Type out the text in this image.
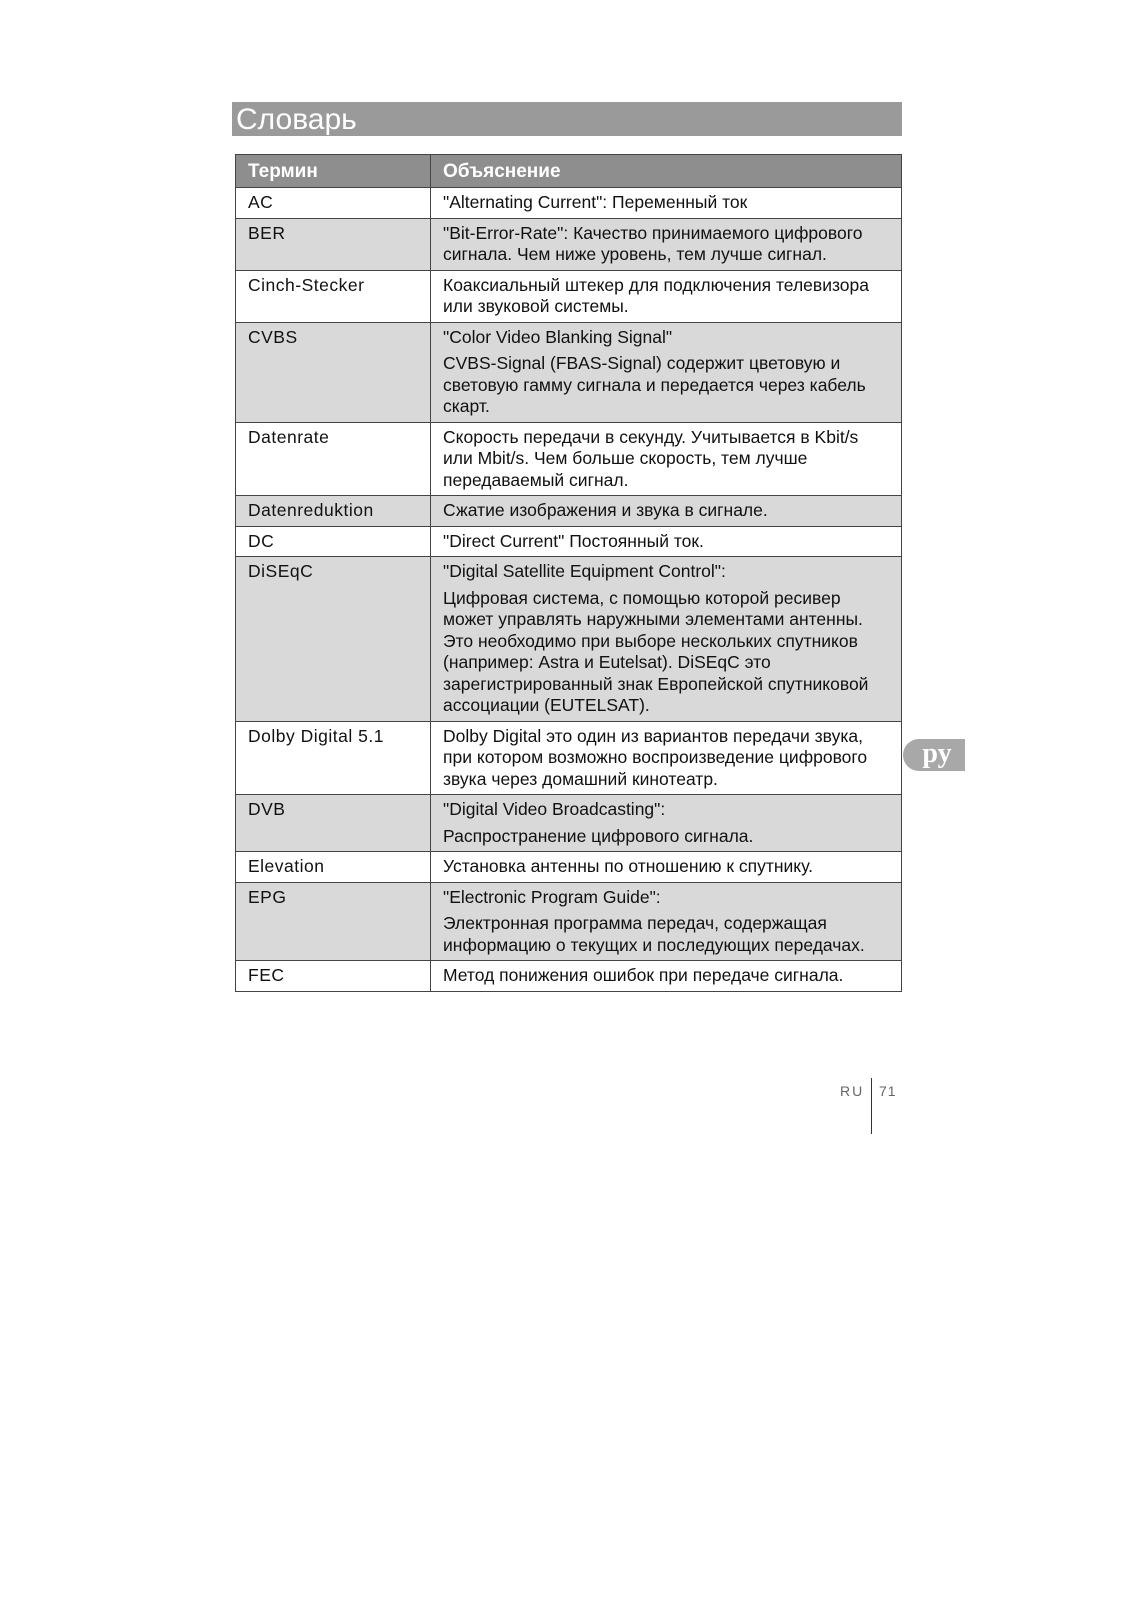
Словарь
Термин	Объяснение
AC	"Alternating Current": Переменный ток

BER	"Bit-Error-Rate": Качество принимаемого цифрового сигнала. Чем ниже уровень, тем лучше сигнал.

Cinch-Stecker	Коаксиальный штекер для подключения телевизора или звуковой системы.

CVBS	"Color Video Blanking Signal"
CVBS-Signal (FBAS-Signal) содержит цветовую и световую гамму сигнала и передается через кабель скарт.

Datenrate	Скорость передачи в секунду. Учитывается в Kbit/s или Mbit/s. Чем больше скорость, тем лучше передаваемый сигнал.

Datenreduktion	Сжатие изображения и звука в сигнале.

DC	"Direct Current" Постоянный ток.

DiSEqC	"Digital Satellite Equipment Control":
Цифровая система, с помощью которой ресивер может управлять наружными элементами антенны. Это необходимо при выборе нескольких спутников (например: Astra и Eutelsat). DiSEqC это зарегистрированный знак Европейской спутниковой ассоциации (EUTELSAT).

Dolby Digital 5.1	Dolby Digital это один из вариантов передачи звука, при котором возможно воспроизведение цифрового звука через домашний кинотеатр.

DVB	"Digital Video Broadcasting":
Распространение цифрового сигнала.

Elevation	Установка антенны по отношению к спутнику.

EPG	"Electronic Program Guide":
Электронная программа передач, содержащая информацию о текущих и последующих передачах.

FEC	Метод понижения ошибок при передаче сигнала.
ру
RU 71
